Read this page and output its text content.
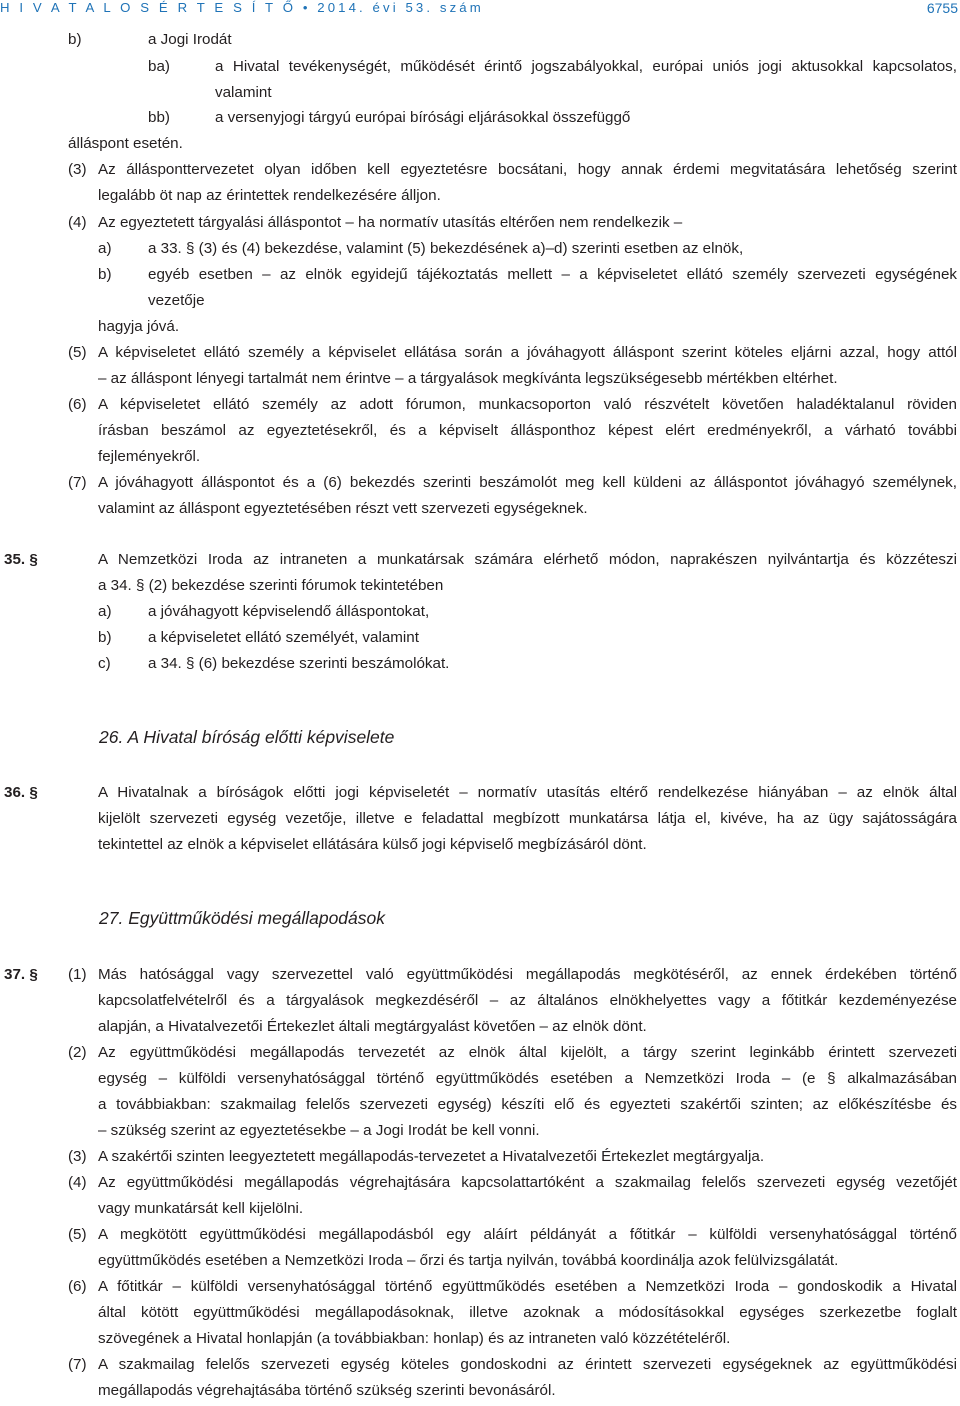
H I V A T A L O S É R T E S Í T Ő • 2014. évi 53. szám	6755
b)	a Jogi Irodát
ba)	a Hivatal tevékenységét, működését érintő jogszabályokkal, európai uniós jogi aktusokkal kapcsolatos,
valamint
bb)	a versenyjogi tárgyú európai bírósági eljárásokkal összefüggő
álláspont esetén.
(3) Az állásponttervezetet olyan időben kell egyeztetésre bocsátani, hogy annak érdemi megvitatására lehetőség szerint
legalább öt nap az érintettek rendelkezésére álljon.
(4) Az egyeztetett tárgyalási álláspontot – ha normatív utasítás eltérően nem rendelkezik –
a) a 33. § (3) és (4) bekezdése, valamint (5) bekezdésének a)–d) szerinti esetben az elnök,
b) egyéb esetben – az elnök egyidejű tájékoztatás mellett – a képviseletet ellátó személy szervezeti egységének
vezetője
hagyja jóvá.
(5) A képviseletet ellátó személy a képviselet ellátása során a jóváhagyott álláspont szerint köteles eljárni azzal, hogy attól
– az álláspont lényegi tartalmát nem érintve – a tárgyalások megkívánta legszükségesebb mértékben eltérhet.
(6) A képviseletet ellátó személy az adott fórumon, munkacsoporton való részvételt követően haladéktalanul röviden
írásban beszámol az egyeztetésekről, és a képviselt állásponthoz képest elért eredményekről, a várható további
fejleményekről.
(7) A jóváhagyott álláspontot és a (6) bekezdés szerinti beszámolót meg kell küldeni az álláspontot jóváhagyó személynek,
valamint az álláspont egyeztetésében részt vett szervezeti egységeknek.
A Nemzetközi Iroda az intraneten a munkatársak számára elérhető módon, naprakészen nyilvántartja és közzéteszi
a 34. § (2) bekezdése szerinti fórumok tekintetében
a) a jóváhagyott képviselendő álláspontokat,
b) a képviseletet ellátó személyét, valamint
c) a 34. § (6) bekezdése szerinti beszámolókat.
A Hivatalnak a bíróságok előtti jogi képviseletét – normatív utasítás eltérő rendelkezése hiányában – az elnök által
kijelölt szervezeti egység vezetője, illetve e feladattal megbízott munkatársa látja el, kivéve, ha az ügy sajátosságára
tekintettel az elnök a képviselet ellátására külső jogi képviselő megbízásáról dönt.
(1) Más hatósággal vagy szervezettel való együttműködési megállapodás megkötéséről, az ennek érdekében történő
kapcsolatfelvételről és a tárgyalások megkezdéséről – az általános elnökhelyettes vagy a főtitkár kezdeményezése
alapján, a Hivatalvezetői Értekezlet általi megtárgyalást követően – az elnök dönt.
(2) Az együttműködési megállapodás tervezetét az elnök által kijelölt, a tárgy szerint leginkább érintett szervezeti
egység – külföldi versenyhatósággal történő együttműködés esetében a Nemzetközi Iroda – (e § alkalmazásában
a továbbiakban: szakmailag felelős szervezeti egység) készíti elő és egyezteti szakértői szinten; az előkészítésbe és
– szükség szerint az egyeztetésekbe – a Jogi Irodát be kell vonni.
(3) A szakértői szinten leegyeztetett megállapodás-tervezetet a Hivatalvezetői Értekezlet megtárgyalja.
(4) Az együttműködési megállapodás végrehajtására kapcsolattartóként a szakmailag felelős szervezeti egység vezetőjét
vagy munkatársát kell kijelölni.
(5) A megkötött együttműködési megállapodásból egy aláírt példányát a főtitkár – külföldi versenyhatósággal történő
együttműködés esetében a Nemzetközi Iroda – őrzi és tartja nyilván, továbbá koordinálja azok felülvizsgálatát.
(6) A főtitkár – külföldi versenyhatósággal történő együttműködés esetében a Nemzetközi Iroda – gondoskodik a Hivatal
által kötött együttműködési megállapodásoknak, illetve azoknak a módosításokkal egységes szerkezetbe foglalt
szövegének a Hivatal honlapján (a továbbiakban: honlap) és az intraneten való közzétételéről.
(7) A szakmailag felelős szervezeti egység köteles gondoskodni az érintett szervezeti egységeknek az együttműködési
megállapodás végrehajtásába történő szükség szerinti bevonásáról.
35. §
36. §
37. §
26. A Hivatal bíróság előtti képviselete
27. Együttműködési megállapodások
